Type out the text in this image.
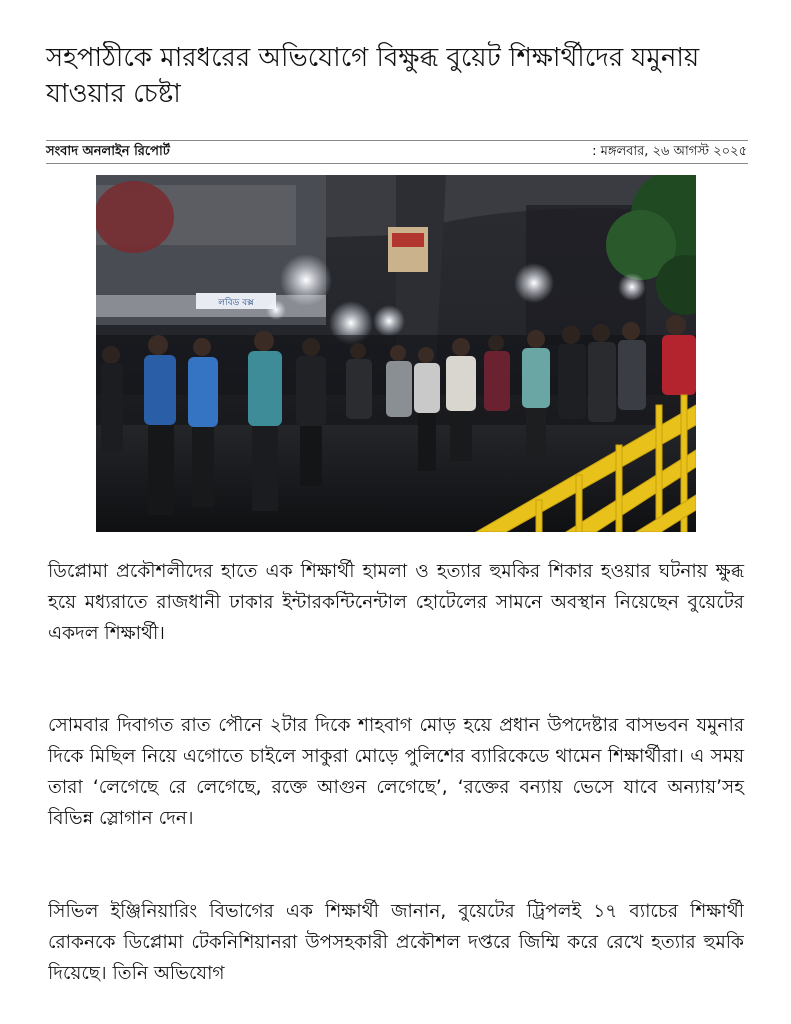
সহপাঠীকে মারধরের অভিযোগে বিক্ষুব্ধ বুয়েট শিক্ষার্থীদের যমুনায় যাওয়ার চেষ্টা
সংবাদ অনলাইন রিপোর্ট	: মঙ্গলবার, ২৬ আগস্ট ২০২৫
লবিড বক্স

ডিপ্লোমা প্রকৌশলীদের হাতে এক শিক্ষার্থী হামলা ও হত্যার হুমকির শিকার হওয়ার ঘটনায় ক্ষুব্ধ হয়ে মধ্যরাতে রাজধানী ঢাকার ইন্টারকন্টিনেন্টাল হোটেলের সামনে অবস্থান নিয়েছেন বুয়েটের একদল শিক্ষার্থী।

সোমবার দিবাগত রাত পৌনে ২টার দিকে শাহবাগ মোড় হয়ে প্রধান উপদেষ্টার বাসভবন যমুনার দিকে মিছিল নিয়ে এগোতে চাইলে সাকুরা মোড়ে পুলিশের ব্যারিকেডে থামেন শিক্ষার্থীরা। এ সময় তারা ‘লেগেছে রে লেগেছে, রক্তে আগুন লেগেছে’, ‘রক্তের বন্যায় ভেসে যাবে অন্যায়’সহ বিভিন্ন স্লোগান দেন।

সিভিল ইঞ্জিনিয়ারিং বিভাগের এক শিক্ষার্থী জানান, বুয়েটের ট্রিপলই ১৭ ব্যাচের শিক্ষার্থী রোকনকে ডিপ্লোমা টেকনিশিয়ানরা উপসহকারী প্রকৌশল দপ্তরে জিম্মি করে রেখে হত্যার হুমকি দিয়েছে। তিনি অভিযোগ
